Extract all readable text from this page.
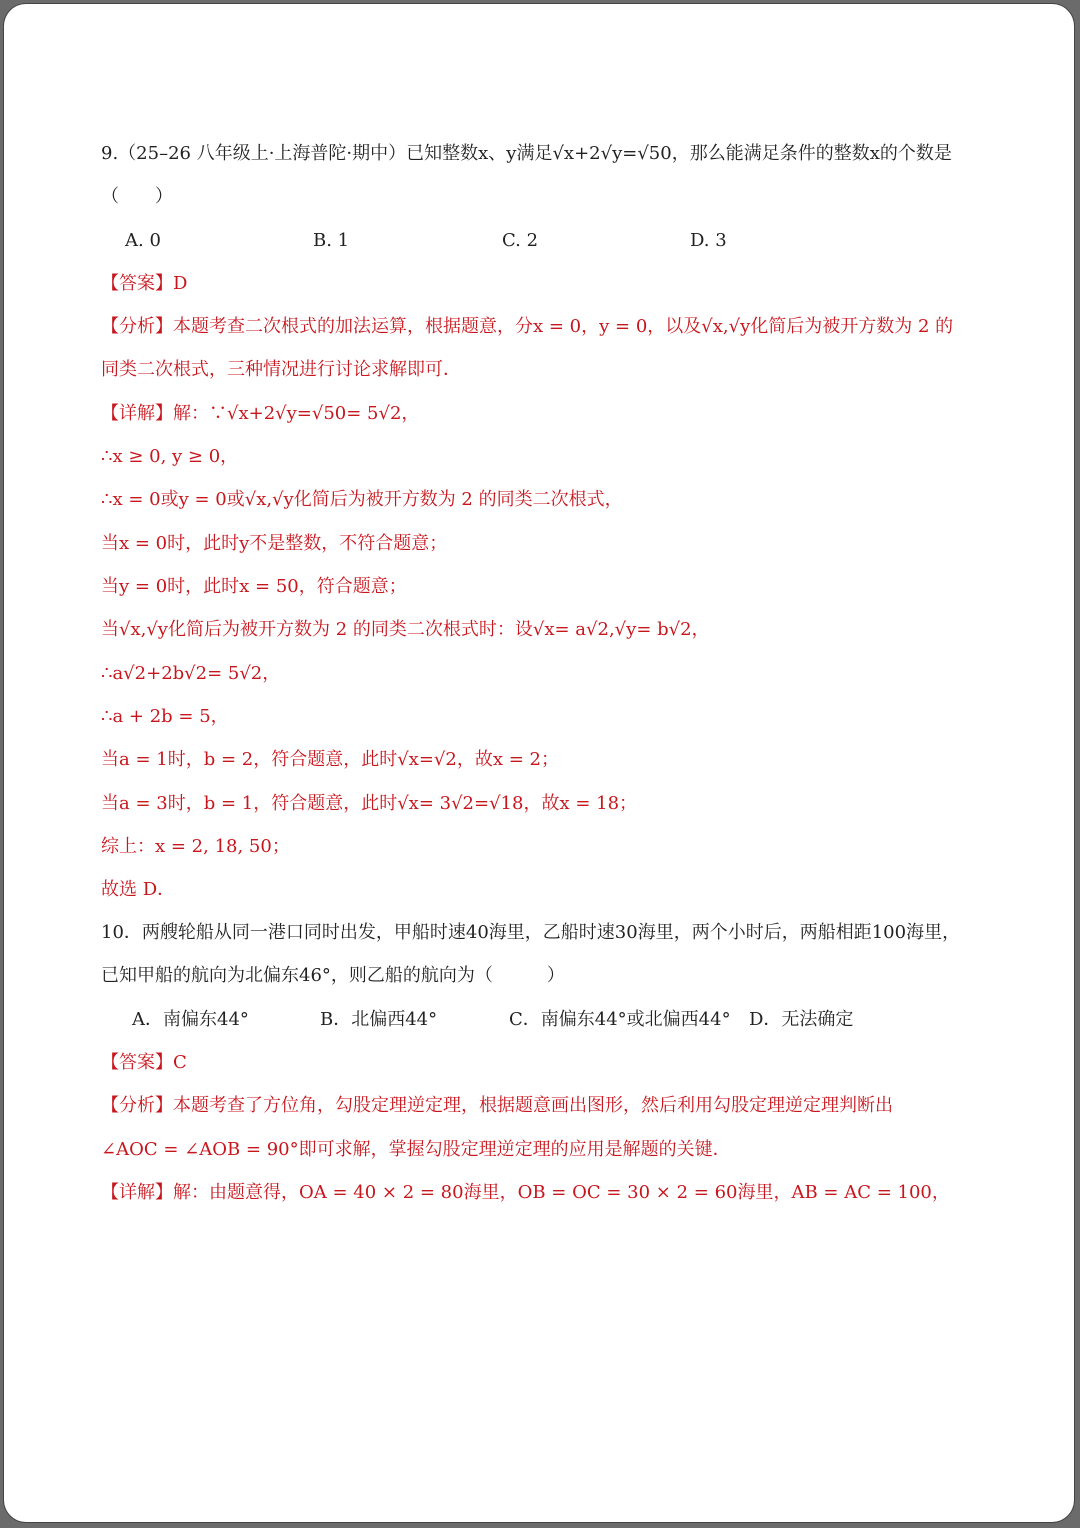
9.（25–26 八年级上·上海普陀·期中）已知整数x、y满足√x+2√y=√50，那么能满足条件的整数x的个数是
（　　）
A. 0	B. 1	C. 2	D. 3
【答案】D
【分析】本题考查二次根式的加法运算，根据题意，分x = 0，y = 0，以及√x,√y化简后为被开方数为 2 的
同类二次根式，三种情况进行讨论求解即可．
【详解】解：∵√x+2√y=√50= 5√2，
∴x ≥ 0, y ≥ 0，
∴x = 0或y = 0或√x,√y化简后为被开方数为 2 的同类二次根式，
当x = 0时，此时y不是整数，不符合题意；
当y = 0时，此时x = 50，符合题意；
当√x,√y化简后为被开方数为 2 的同类二次根式时：设√x= a√2,√y= b√2，
∴a√2+2b√2= 5√2，
∴a + 2b = 5，
当a = 1时，b = 2，符合题意，此时√x=√2，故x = 2；
当a = 3时，b = 1，符合题意，此时√x= 3√2=√18，故x = 18；
综上：x = 2, 18, 50；
故选 D．
10．两艘轮船从同一港口同时出发，甲船时速40海里，乙船时速30海里，两个小时后，两船相距100海里，
已知甲船的航向为北偏东46°，则乙船的航向为（　　　）
A．南偏东44°	B．北偏西44°	C．南偏东44°或北偏西44° D．无法确定
【答案】C
【分析】本题考查了方位角，勾股定理逆定理，根据题意画出图形，然后利用勾股定理逆定理判断出
∠AOC = ∠AOB = 90°即可求解，掌握勾股定理逆定理的应用是解题的关键．
【详解】解：由题意得，OA = 40 × 2 = 80海里，OB = OC = 30 × 2 = 60海里，AB = AC = 100，
